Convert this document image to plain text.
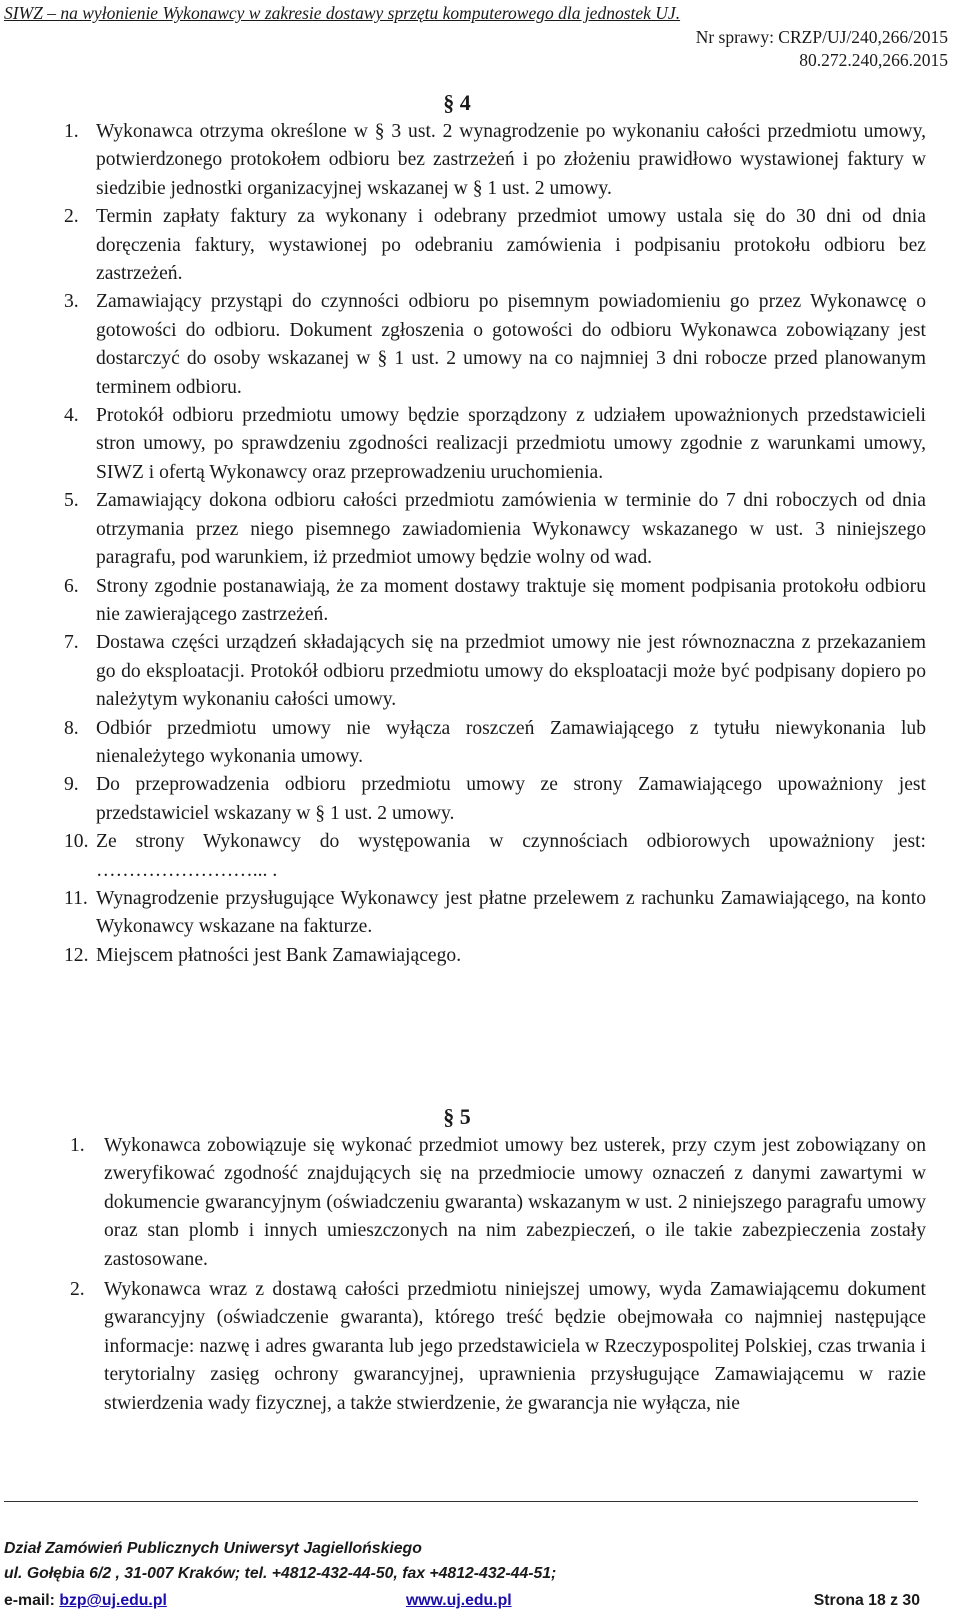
SIWZ – na wyłonienie Wykonawcy w zakresie dostawy sprzętu komputerowego dla jednostek UJ.
Nr sprawy: CRZP/UJ/240,266/2015
80.272.240,266.2015
§ 4
1. Wykonawca otrzyma określone w § 3 ust. 2 wynagrodzenie po wykonaniu całości przedmiotu umowy, potwierdzonego protokołem odbioru bez zastrzeżeń i po złożeniu prawidłowo wystawionej faktury w siedzibie jednostki organizacyjnej wskazanej w § 1 ust. 2 umowy.
2. Termin zapłaty faktury za wykonany i odebrany przedmiot umowy ustala się do 30 dni od dnia doręczenia faktury, wystawionej po odebraniu zamówienia i podpisaniu protokołu odbioru bez zastrzeżeń.
3. Zamawiający przystąpi do czynności odbioru po pisemnym powiadomieniu go przez Wykonawcę o gotowości do odbioru. Dokument zgłoszenia o gotowości do odbioru Wykonawca zobowiązany jest dostarczyć do osoby wskazanej w § 1 ust. 2 umowy na co najmniej 3 dni robocze przed planowanym terminem odbioru.
4. Protokół odbioru przedmiotu umowy będzie sporządzony z udziałem upoważnionych przedstawicieli stron umowy, po sprawdzeniu zgodności realizacji przedmiotu umowy zgodnie z warunkami umowy, SIWZ i ofertą Wykonawcy oraz przeprowadzeniu uruchomienia.
5. Zamawiający dokona odbioru całości przedmiotu zamówienia w terminie do 7 dni roboczych od dnia otrzymania przez niego pisemnego zawiadomienia Wykonawcy wskazanego w ust. 3 niniejszego paragrafu, pod warunkiem, iż przedmiot umowy będzie wolny od wad.
6. Strony zgodnie postanawiają, że za moment dostawy traktuje się moment podpisania protokołu odbioru nie zawierającego zastrzeżeń.
7. Dostawa części urządzeń składających się na przedmiot umowy nie jest równoznaczna z przekazaniem go do eksploatacji. Protokół odbioru przedmiotu umowy do eksploatacji może być podpisany dopiero po należytym wykonaniu całości umowy.
8. Odbiór przedmiotu umowy nie wyłącza roszczeń Zamawiającego z tytułu niewykonania lub nienależytego wykonania umowy.
9. Do przeprowadzenia odbioru przedmiotu umowy ze strony Zamawiającego upoważniony jest przedstawiciel wskazany w § 1 ust. 2 umowy.
10. Ze strony Wykonawcy do występowania w czynnościach odbiorowych upoważniony jest: ……………………... .
11. Wynagrodzenie przysługujące Wykonawcy jest płatne przelewem z rachunku Zamawiającego, na konto Wykonawcy wskazane na fakturze.
12. Miejscem płatności jest Bank Zamawiającego.
§ 5
1. Wykonawca zobowiązuje się wykonać przedmiot umowy bez usterek, przy czym jest zobowiązany on zweryfikować zgodność znajdujących się na przedmiocie umowy oznaczeń z danymi zawartymi w dokumencie gwarancyjnym (oświadczeniu gwaranta) wskazanym w ust. 2 niniejszego paragrafu umowy oraz stan plomb i innych umieszczonych na nim zabezpieczeń, o ile takie zabezpieczenia zostały zastosowane.
2. Wykonawca wraz z dostawą całości przedmiotu niniejszej umowy, wyda Zamawiającemu dokument gwarancyjny (oświadczenie gwaranta), którego treść będzie obejmowała co najmniej następujące informacje: nazwę i adres gwaranta lub jego przedstawiciela w Rzeczypospolitej Polskiej, czas trwania i terytorialny zasięg ochrony gwarancyjnej, uprawnienia przysługujące Zamawiającemu w razie stwierdzenia wady fizycznej, a także stwierdzenie, że gwarancja nie wyłącza, nie
Dział Zamówień Publicznych Uniwersyt Jagiellońskiego
ul. Gołębia 6/2 , 31-007 Kraków; tel. +4812-432-44-50, fax +4812-432-44-51;
e-mail: bzp@uj.edu.pl	www.uj.edu.pl	Strona 18 z 30
